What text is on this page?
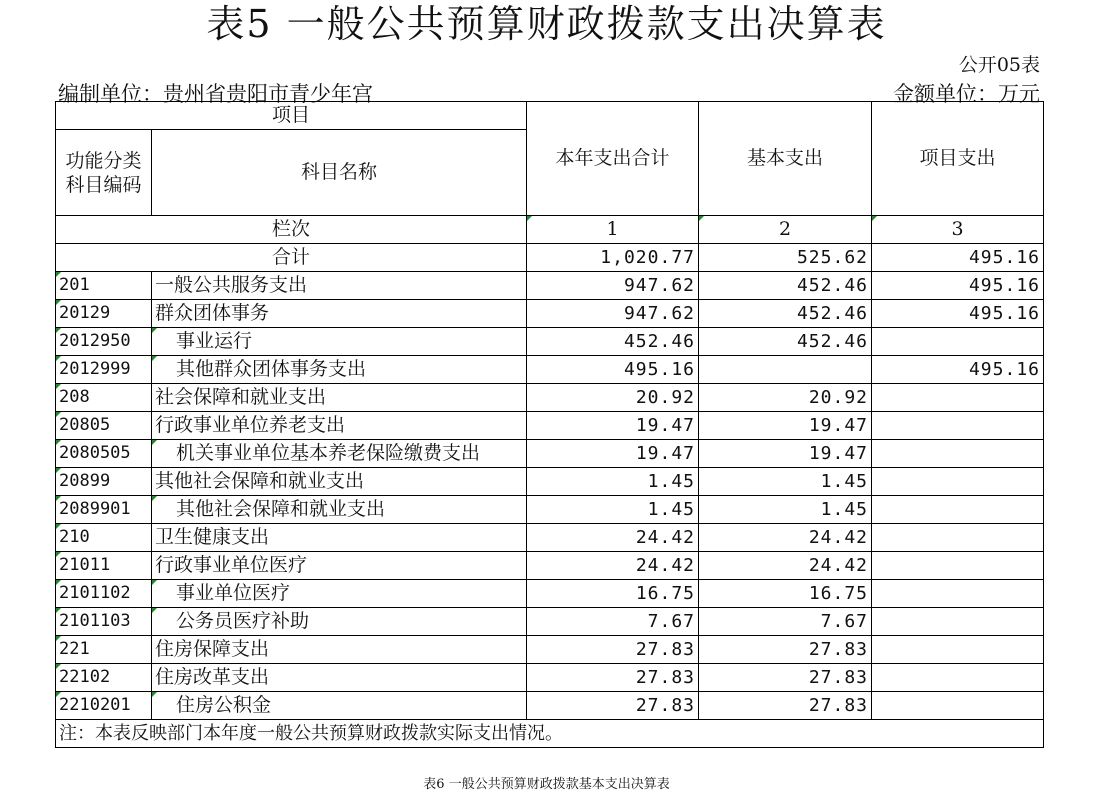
表5 一般公共预算财政拨款支出决算表
公开05表
编制单位：贵州省贵阳市青少年宫	金额单位：万元
项目		本年支出合计	基本支出	项目支出

功能分类
科目编码	科目名称			
栏次		1	2	3
合计		1,020.77	525.62	495.16
201	一般公共服务支出	947.62	452.46	495.16
20129	群众团体事务	947.62	452.46	495.16
2012950	事业运行	452.46	452.46	
2012999	其他群众团体事务支出	495.16		495.16
208	社会保障和就业支出	20.92	20.92	
20805	行政事业单位养老支出	19.47	19.47	
2080505	机关事业单位基本养老保险缴费支出	19.47	19.47	
20899	其他社会保障和就业支出	1.45	1.45	
2089901	其他社会保障和就业支出	1.45	1.45	
210	卫生健康支出	24.42	24.42	
21011	行政事业单位医疗	24.42	24.42	
2101102	事业单位医疗	16.75	16.75	
2101103	公务员医疗补助	7.67	7.67	
221	住房保障支出	27.83	27.83	
22102	住房改革支出	27.83	27.83	
2210201	住房公积金	27.83	27.83	
注：本表反映部门本年度一般公共预算财政拨款实际支出情况。				
表6 一般公共预算财政拨款基本支出决算表
